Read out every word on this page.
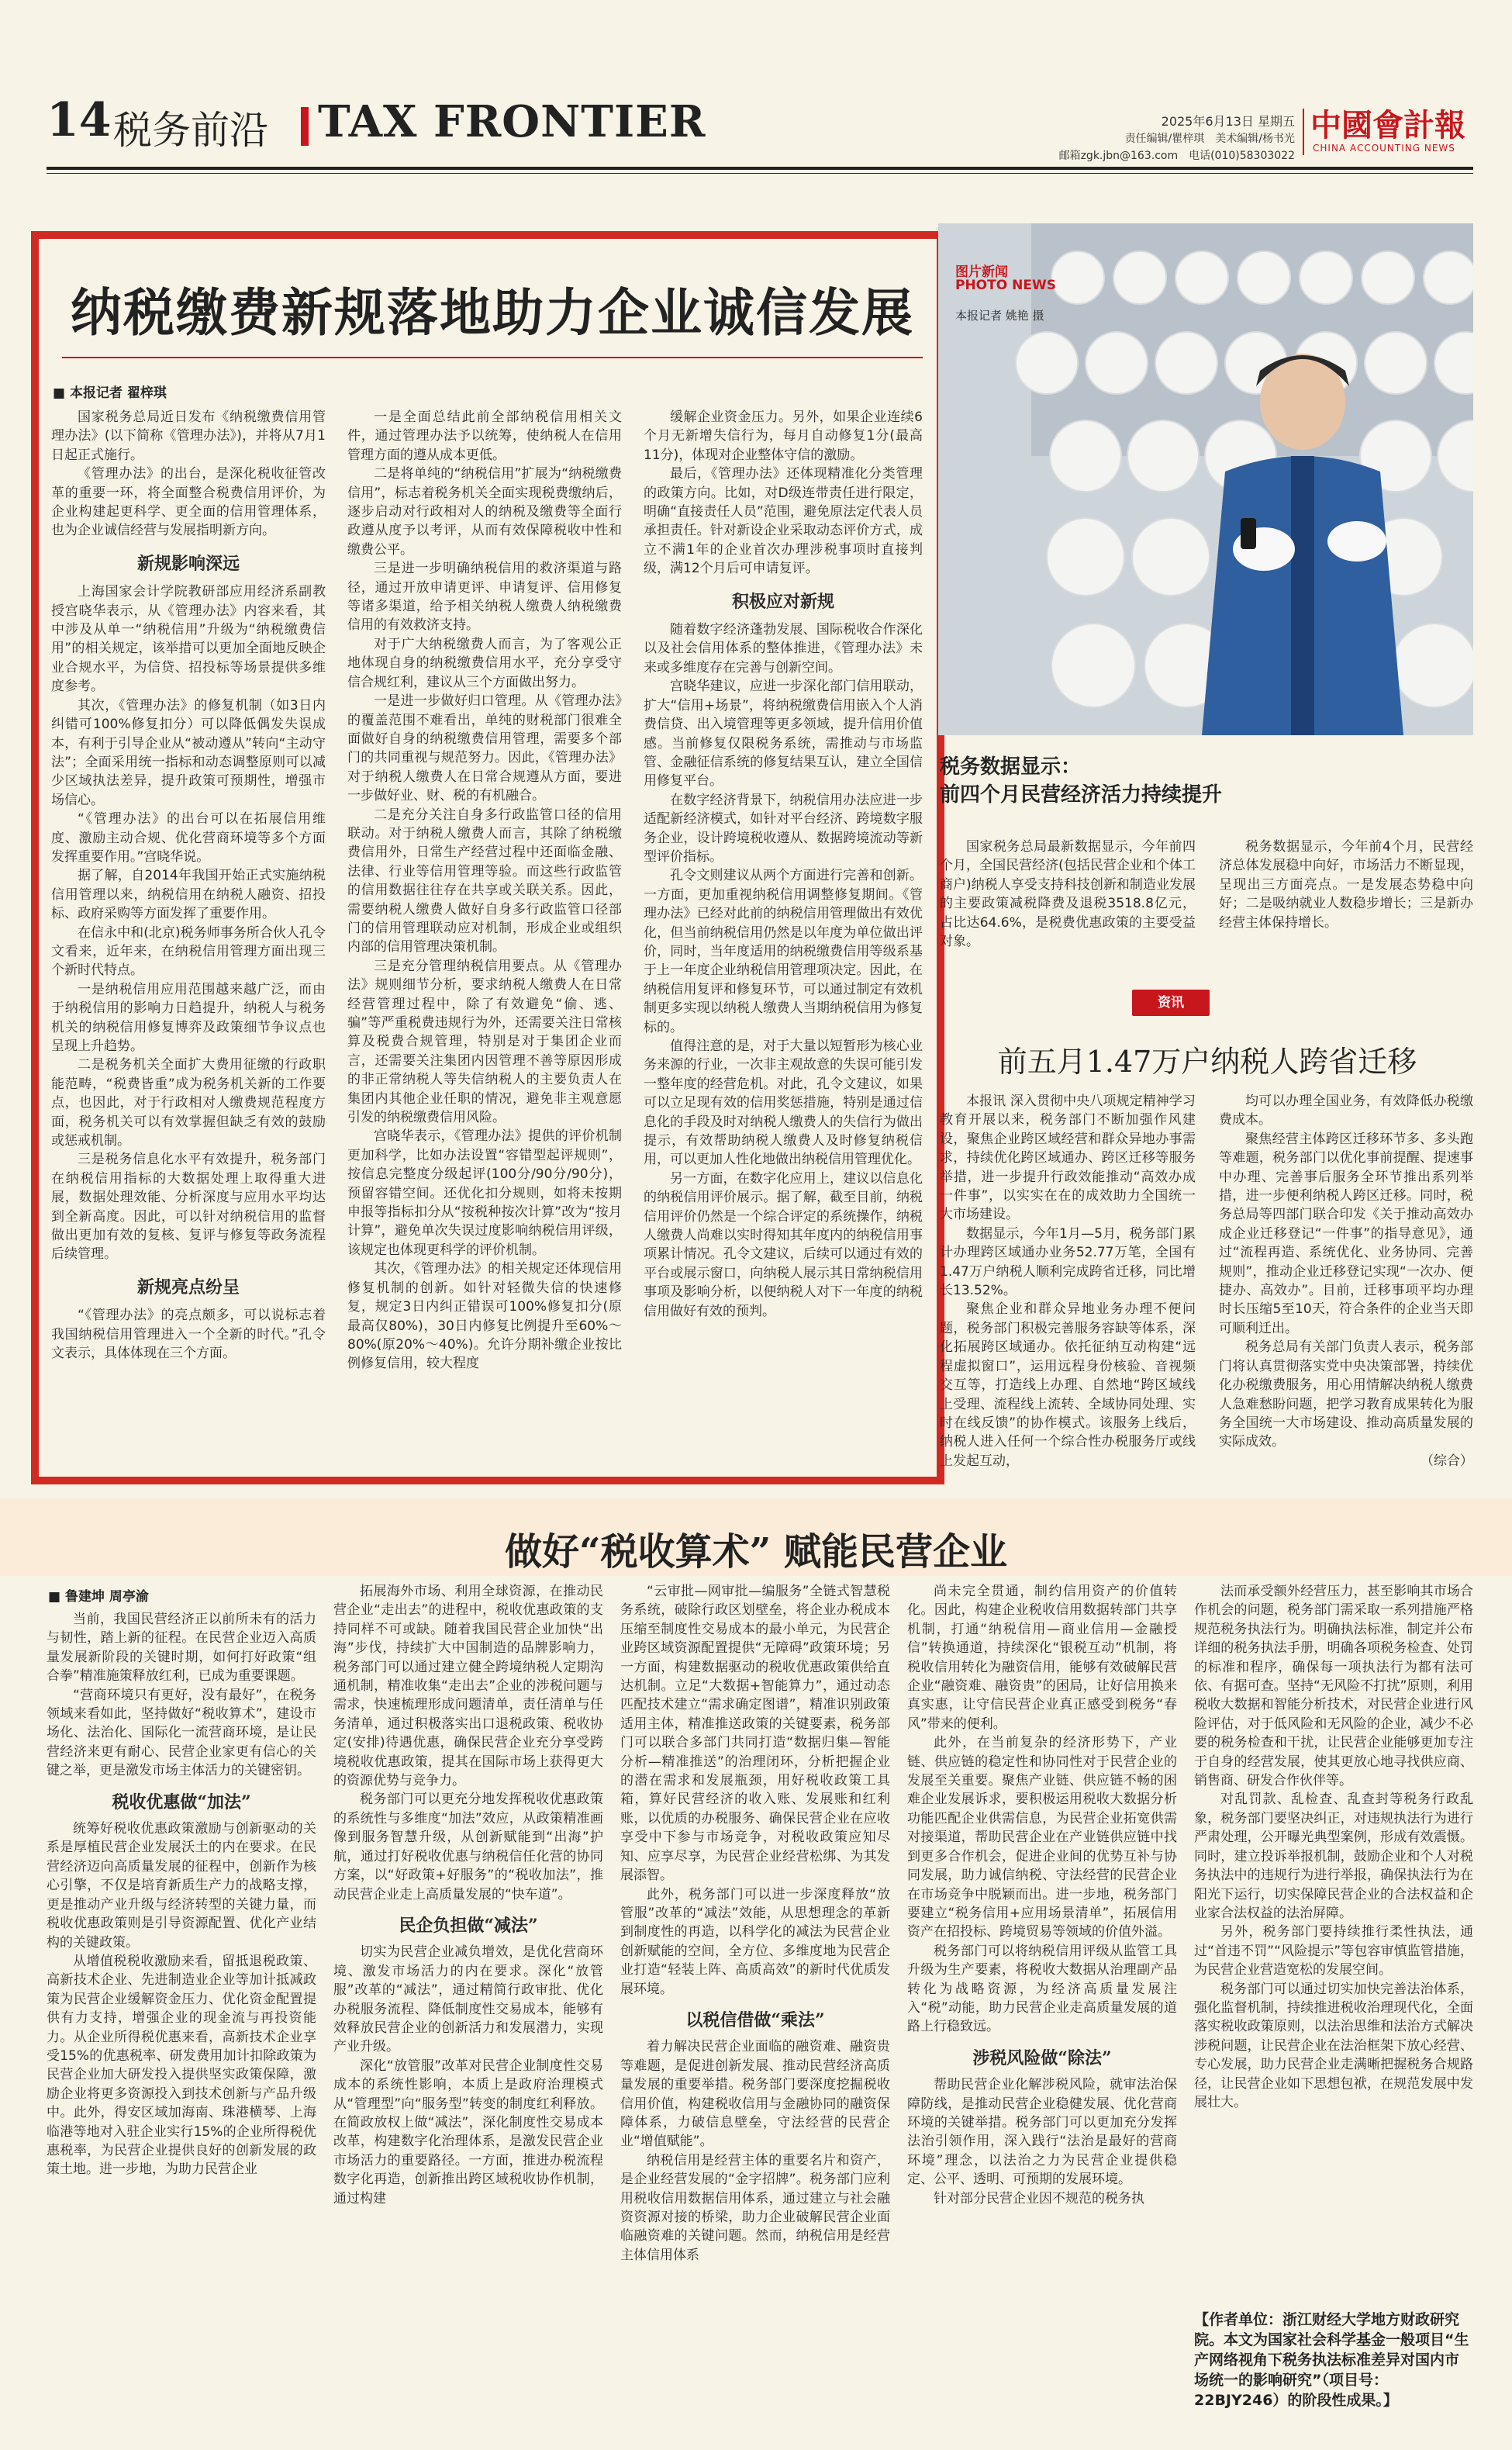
14 税务前沿 TAX FRONTIER	2025年6月13日 星期五
责任编辑/瞿梓琪　美术编辑/杨书光
邮箱zgk.jbn@163.com　电话(010)58303022
中國會計報
CHINA ACCOUNTING NEWS
纳税缴费新规落地助力企业诚信发展
■ 本报记者 翟梓琪

国家税务总局近日发布《纳税缴费信用管理办法》(以下简称《管理办法》)，并将从7月1日起正式施行。

《管理办法》的出台，是深化税收征管改革的重要一环，将全面整合税费信用评价，为企业构建起更科学、更全面的信用管理体系，也为企业诚信经营与发展指明新方向。

新规影响深远

上海国家会计学院教研部应用经济系副教授宫晓华表示，从《管理办法》内容来看，其中涉及从单一“纳税信用”升级为“纳税缴费信用”的相关规定，该举措可以更加全面地反映企业合规水平，为信贷、招投标等场景提供多维度参考。

其次，《管理办法》的修复机制（如3日内纠错可100%修复扣分）可以降低偶发失误成本，有利于引导企业从“被动遵从”转向“主动守法”；全面采用统一指标和动态调整原则可以减少区域执法差异，提升政策可预期性，增强市场信心。

“《管理办法》的出台可以在拓展信用维度、激励主动合规、优化营商环境等多个方面发挥重要作用。”宫晓华说。

据了解，自2014年我国开始正式实施纳税信用管理以来，纳税信用在纳税人融资、招投标、政府采购等方面发挥了重要作用。

在信永中和(北京)税务师事务所合伙人孔令文看来，近年来，在纳税信用管理方面出现三个新时代特点。

一是纳税信用应用范围越来越广泛，而由于纳税信用的影响力日趋提升，纳税人与税务机关的纳税信用修复博弈及政策细节争议点也呈现上升趋势。

二是税务机关全面扩大费用征缴的行政职能范畴，“税费皆重”成为税务机关新的工作要点，也因此，对于行政相对人缴费规范程度方面，税务机关可以有效掌握但缺乏有效的鼓励或惩戒机制。

三是税务信息化水平有效提升，税务部门在纳税信用指标的大数据处理上取得重大进展，数据处理效能、分析深度与应用水平均达到全新高度。因此，可以针对纳税信用的监督做出更加有效的复核、复评与修复等政务流程后续管理。

新规亮点纷呈

“《管理办法》的亮点颇多，可以说标志着我国纳税信用管理进入一个全新的时代。”孔令文表示，具体体现在三个方面。

一是全面总结此前全部纳税信用相关文件，通过管理办法予以统筹，使纳税人在信用管理方面的遵从成本更低。

二是将单纯的“纳税信用”扩展为“纳税缴费信用”，标志着税务机关全面实现税费缴纳后，逐步启动对行政相对人的纳税及缴费等全面行政遵从度予以考评，从而有效保障税收中性和缴费公平。

三是进一步明确纳税信用的救济渠道与路径，通过开放申请更评、申请复评、信用修复等诸多渠道，给予相关纳税人缴费人纳税缴费信用的有效救济支持。

对于广大纳税缴费人而言，为了客观公正地体现自身的纳税缴费信用水平，充分享受守信合规红利，建议从三个方面做出努力。

一是进一步做好归口管理。从《管理办法》的覆盖范围不难看出，单纯的财税部门很难全面做好自身的纳税缴费信用管理，需要多个部门的共同重视与规范努力。因此，《管理办法》对于纳税人缴费人在日常合规遵从方面，要进一步做好业、财、税的有机融合。

二是充分关注自身多行政监管口径的信用联动。对于纳税人缴费人而言，其除了纳税缴费信用外，日常生产经营过程中还面临金融、法律、行业等信用管理等验。而这些行政监管的信用数据往往存在共享或关联关系。因此，需要纳税人缴费人做好自身多行政监管口径部门的信用管理联动应对机制，形成企业或组织内部的信用管理决策机制。

三是充分管理纳税信用要点。从《管理办法》规则细节分析，要求纳税人缴费人在日常经营管理过程中，除了有效避免“偷、逃、骗”等严重税费违规行为外，还需要关注日常核算及税费合规管理，特别是对于集团企业而言，还需要关注集团内因管理不善等原因形成的非正常纳税人等失信纳税人的主要负责人在集团内其他企业任职的情况，避免非主观意愿引发的纳税缴费信用风险。

宫晓华表示，《管理办法》提供的评价机制更加科学，比如办法设置“容错型起评规则”，按信息完整度分级起评(100分/90分/90分)，预留容错空间。还优化扣分规则，如将未按期申报等指标扣分从“按税种按次计算”改为“按月计算”，避免单次失误过度影响纳税信用评级，该规定也体现更科学的评价机制。

其次，《管理办法》的相关规定还体现信用修复机制的创新。如针对轻微失信的快速修复，规定3日内纠正错误可100%修复扣分(原最高仅80%)，30日内修复比例提升至60%～80%(原20%～40%)。允许分期补缴企业按比例修复信用，较大程度

缓解企业资金压力。另外，如果企业连续6个月无新增失信行为，每月自动修复1分(最高11分)，体现对企业整体守信的激励。

最后，《管理办法》还体现精准化分类管理的政策方向。比如，对D级连带责任进行限定，明确“直接责任人员”范围，避免原法定代表人员承担责任。针对新设企业采取动态评价方式，成立不满1年的企业首次办理涉税事项时直接判级，满12个月后可申请复评。

积极应对新规

随着数字经济蓬勃发展、国际税收合作深化以及社会信用体系的整体推进，《管理办法》未来或多维度存在完善与创新空间。

宫晓华建议，应进一步深化部门信用联动，扩大“信用+场景”，将纳税缴费信用嵌入个人消费信贷、出入境管理等更多领域，提升信用价值感。当前修复仅限税务系统，需推动与市场监管、金融征信系统的修复结果互认，建立全国信用修复平台。

在数字经济背景下，纳税信用办法应进一步适配新经济模式，如针对平台经济、跨境数字服务企业，设计跨境税收遵从、数据跨境流动等新型评价指标。

孔令文则建议从两个方面进行完善和创新。一方面，更加重视纳税信用调整修复期间。《管理办法》已经对此前的纳税信用管理做出有效优化，但当前纳税信用仍然是以年度为单位做出评价，同时，当年度适用的纳税缴费信用等级系基于上一年度企业纳税信用管理项决定。因此，在纳税信用复评和修复环节，可以通过制定有效机制更多实现以纳税人缴费人当期纳税信用为修复标的。

值得注意的是，对于大量以短暂形为核心业务来源的行业，一次非主观故意的失误可能引发一整年度的经营危机。对此，孔令文建议，如果可以立足现有效的信用奖惩措施，特别是通过信息化的手段及时对纳税人缴费人的失信行为做出提示，有效帮助纳税人缴费人及时修复纳税信用，可以更加人性化地做出纳税信用管理优化。

另一方面，在数字化应用上，建议以信息化的纳税信用评价展示。据了解，截至目前，纳税信用评价仍然是一个综合评定的系统操作，纳税人缴费人尚难以实时得知其年度内的纳税信用事项累计情况。孔令文建议，后续可以通过有效的平台或展示窗口，向纳税人展示其日常纳税信用事项及影响分析，以便纳税人对下一年度的纳税信用做好有效的预判。

图片新闻
PHOTO NEWS
本报记者 姚艳 摄
税务数据显示：
前四个月民营经济活力持续提升

国家税务总局最新数据显示，今年前四个月，全国民营经济(包括民营企业和个体工商户)纳税人享受支持科技创新和制造业发展的主要政策减税降费及退税3518.8亿元，占比达64.6%，是税费优惠政策的主要受益对象。

税务数据显示，今年前4个月，民营经济总体发展稳中向好，市场活力不断显现，呈现出三方面亮点。一是发展态势稳中向好；二是吸纳就业人数稳步增长；三是新办经营主体保持增长。

资讯
前五月1.47万户纳税人跨省迁移

本报讯 深入贯彻中央八项规定精神学习教育开展以来，税务部门不断加强作风建设，聚焦企业跨区域经营和群众异地办事需求，持续优化跨区域通办、跨区迁移等服务举措，进一步提升行政效能推动“高效办成一件事”，以实实在在的成效助力全国统一大市场建设。

数据显示，今年1月—5月，税务部门累计办理跨区域通办业务52.77万笔，全国有1.47万户纳税人顺利完成跨省迁移，同比增长13.52%。

聚焦企业和群众异地业务办理不便问题，税务部门积极完善服务容缺等体系，深化拓展跨区域通办。依托征纳互动构建“远程虚拟窗口”，运用远程身份核验、音视频交互等，打造线上办理、自然地“跨区域线上受理、流程线上流转、全域协同处理、实时在线反馈”的协作模式。该服务上线后，纳税人进入任何一个综合性办税服务厅或线上发起互动，

均可以办理全国业务，有效降低办税缴费成本。

聚焦经营主体跨区迁移环节多、多头跑等难题，税务部门以优化事前提醒、提速事中办理、完善事后服务全环节推出系列举措，进一步便利纳税人跨区迁移。同时，税务总局等四部门联合印发《关于推动高效办成企业迁移登记“一件事”的指导意见》，通过“流程再造、系统优化、业务协同、完善规则”，推动企业迁移登记实现“一次办、便捷办、高效办”。目前，迁移事项平均办理时长压缩5至10天，符合条件的企业当天即可顺利迁出。

税务总局有关部门负责人表示，税务部门将认真贯彻落实党中央决策部署，持续优化办税缴费服务，用心用情解决纳税人缴费人急难愁盼问题，把学习教育成果转化为服务全国统一大市场建设、推动高质量发展的实际成效。

（综合）

做好“税收算术” 赋能民营企业
■ 鲁建坤 周亭渝

当前，我国民营经济正以前所未有的活力与韧性，踏上新的征程。在民营企业迈入高质量发展新阶段的关键时期，如何打好政策“组合拳”精准施策释放红利，已成为重要课题。

“营商环境只有更好，没有最好”，在税务领域来看如此，坚持做好“税收算术”，建设市场化、法治化、国际化一流营商环境，是让民营经济来更有耐心、民营企业家更有信心的关键之举，更是激发市场主体活力的关键密钥。

税收优惠做“加法”

统筹好税收优惠政策激励与创新驱动的关系是厚植民营企业发展沃土的内在要求。在民营经济迈向高质量发展的征程中，创新作为核心引擎，不仅是培育新质生产力的战略支撑，更是推动产业升级与经济转型的关键力量，而税收优惠政策则是引导资源配置、优化产业结构的关键政策。

从增值税税收激励来看，留抵退税政策、高新技术企业、先进制造业企业等加计抵减政策为民营企业缓解资金压力、优化资金配置提供有力支持，增强企业的现金流与再投资能力。从企业所得税优惠来看，高新技术企业享受15%的优惠税率、研发费用加计扣除政策为民营企业加大研发投入提供坚实政策保障，激励企业将更多资源投入到技术创新与产品升级中。此外，得安区域加海南、珠港横琴、上海临港等地对入驻企业实行15%的企业所得税优惠税率，为民营企业提供良好的创新发展的政策土地。进一步地，为助力民营企业

拓展海外市场、利用全球资源，在推动民营企业“走出去”的进程中，税收优惠政策的支持同样不可或缺。随着我国民营企业加快“出海”步伐，持续扩大中国制造的品牌影响力，税务部门可以通过建立健全跨境纳税人定期沟通机制，精准收集“走出去”企业的涉税问题与需求，快速梳理形成问题清单，责任清单与任务清单，通过积极落实出口退税政策、税收协定(安排)待遇优惠，确保民营企业充分享受跨境税收优惠政策，提其在国际市场上获得更大的资源优势与竞争力。

税务部门可以更充分地发挥税收优惠政策的系统性与多维度“加法”效应，从政策精准画像到服务智慧升级，从创新赋能到“出海”护航，通过打好税收优惠与纳税信任化营的协同方案，以“好政策+好服务”的“税收加法”，推动民营企业走上高质量发展的“快车道”。

民企负担做“减法”

切实为民营企业减负增效，是优化营商环境、激发市场活力的内在要求。深化“放管服”改革的“减法”，通过精简行政审批、优化办税服务流程、降低制度性交易成本，能够有效释放民营企业的创新活力和发展潜力，实现产业升级。

深化“放管服”改革对民营企业制度性交易成本的系统性影响，本质上是政府治理模式从“管理型”向“服务型”转变的制度红利释放。在简政放权上做“减法”，深化制度性交易成本改革，构建数字化治理体系，是激发民营企业市场活力的重要路径。一方面，推进办税流程数字化再造，创新推出跨区域税收协作机制，通过构建

“云审批—网审批—编服务”全链式智慧税务系统，破除行政区划壁垒，将企业办税成本压缩至制度性交易成本的最小单元，为民营企业跨区域资源配置提供“无障碍”政策环境；另一方面，构建数据驱动的税收优惠政策供给直达机制。立足“大数据+智能算力”，通过动态匹配技术建立“需求确定图谱”，精准识别政策适用主体，精准推送政策的关键要素，税务部门可以联合多部门共同打造“数据归集—智能分析—精准推送”的治理闭环，分析把握企业的潜在需求和发展瓶颈，用好税收政策工具箱，算好民营经济的收入账、发展账和红利账，以优质的办税服务、确保民营企业在应收享受中下参与市场竞争，对税收政策应知尽知、应享尽享，为民营企业经营松绑、为其发展添智。

此外，税务部门可以进一步深度释放“放管服”改革的“减法”效能，从思想理念的革新到制度性的再造，以科学化的减法为民营企业创新赋能的空间，全方位、多维度地为民营企业打造“轻装上阵、高质高效”的新时代优质发展环境。

以税信借做“乘法”

着力解决民营企业面临的融资难、融资贵等难题，是促进创新发展、推动民营经济高质量发展的重要举措。税务部门要深度挖掘税收信用价值，构建税收信用与金融协同的融资保障体系，力破信息壁垒，守法经营的民营企业“增值赋能”。

纳税信用是经营主体的重要名片和资产，是企业经营发展的“金字招牌”。税务部门应利用税收信用数据信用体系，通过建立与社会融资资源对接的桥梁，助力企业破解民营企业面临融资难的关键问题。然而，纳税信用是经营主体信用体系

尚未完全贯通，制约信用资产的价值转化。因此，构建企业税收信用数据转部门共享机制，打通“纳税信用—商业信用—金融授信”转换通道，持续深化“银税互动”机制，将税收信用转化为融资信用，能够有效破解民营企业“融资难、融资贵”的困局，让好信用换来真实惠，让守信民营企业真正感受到税务“春风”带来的便利。

此外，在当前复杂的经济形势下，产业链、供应链的稳定性和协同性对于民营企业的发展至关重要。聚焦产业链、供应链不畅的困难企业发展诉求，要积极运用税收大数据分析功能匹配企业供需信息，为民营企业拓宽供需对接渠道，帮助民营企业在产业链供应链中找到更多合作机会，促进企业间的优势互补与协同发展，助力诚信纳税、守法经营的民营企业在市场竞争中脱颖而出。进一步地，税务部门要建立“税务信用+应用场景清单”，拓展信用资产在招投标、跨境贸易等领域的价值外溢。

税务部门可以将纳税信用评级从监管工具升级为生产要素，将税收大数据从治理副产品转化为战略资源，为经济高质量发展注入“税”动能，助力民营企业走高质量发展的道路上行稳致远。

涉税风险做“除法”

帮助民营企业化解涉税风险，就审法治保障防线，是推动民营企业稳健发展、优化营商环境的关键举措。税务部门可以更加充分发挥法治引领作用，深入践行“法治是最好的营商环境”理念，以法治之力为民营企业提供稳定、公平、透明、可预期的发展环境。

针对部分民营企业因不规范的税务执

法而承受额外经营压力，甚至影响其市场合作机会的问题，税务部门需采取一系列措施严格规范税务执法行为。明确执法标准，制定并公布详细的税务执法手册，明确各项税务检查、处罚的标准和程序，确保每一项执法行为都有法可依、有据可查。坚持“无风险不打扰”原则，利用税收大数据和智能分析技术，对民营企业进行风险评估，对于低风险和无风险的企业，减少不必要的税务检查和干扰，让民营企业能够更加专注于自身的经营发展，使其更放心地寻找供应商、销售商、研发合作伙伴等。

对乱罚款、乱检查、乱查封等税务行政乱象，税务部门要坚决纠正，对违规执法行为进行严肃处理，公开曝光典型案例，形成有效震慑。同时，建立投诉举报机制，鼓励企业和个人对税务执法中的违规行为进行举报，确保执法行为在阳光下运行，切实保障民营企业的合法权益和企业家合法权益的法治屏障。

另外，税务部门要持续推行柔性执法，通过“首违不罚”“风险提示”等包容审慎监管措施，为民营企业营造宽松的发展空间。

税务部门可以通过切实加快完善法治体系，强化监督机制，持续推进税收治理现代化，全面落实税收政策原则，以法治思维和法治方式解决涉税问题，让民营企业在法治框架下放心经营、专心发展，助力民营企业走满晰把握税务合规路径，让民营企业如下思想包袱，在规范发展中发展壮大。

【作者单位：浙江财经大学地方财政研究院。本文为国家社会科学基金一般项目“生产网络视角下税务执法标准差异对国内市场统一的影响研究”（项目号：22BJY246）的阶段性成果。】
